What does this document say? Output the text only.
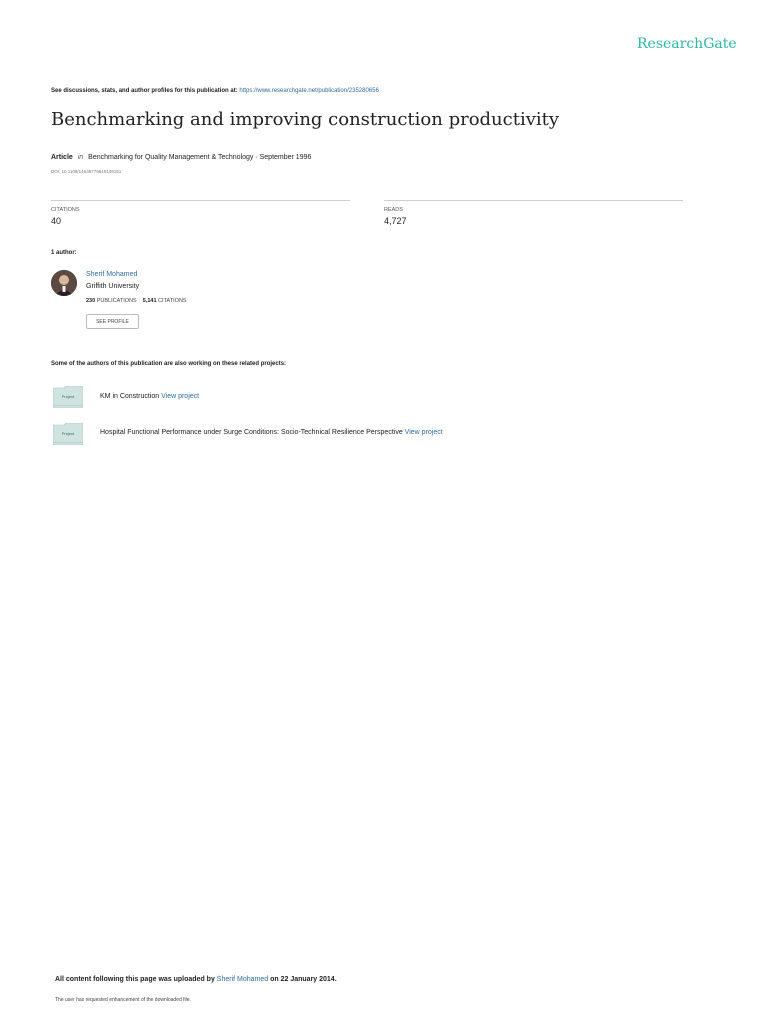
ResearchGate
See discussions, stats, and author profiles for this publication at: https://www.researchgate.net/publication/235280656
Benchmarking and improving construction productivity
Article in Benchmarking for Quality Management & Technology · September 1996
DOI: 10.1108/14635779610149151
CITATIONS
40
READS
4,727
1 author:
Sherif Mohamed
Griffith University
230 PUBLICATIONS 5,141 CITATIONS
SEE PROFILE
Some of the authors of this publication are also working on these related projects:
Project	KM in Construction View project
Project	Hospital Functional Performance under Surge Conditions: Socio-Technical Resilience Perspective View project
All content following this page was uploaded by Sherif Mohamed on 22 January 2014.
The user has requested enhancement of the downloaded file.
